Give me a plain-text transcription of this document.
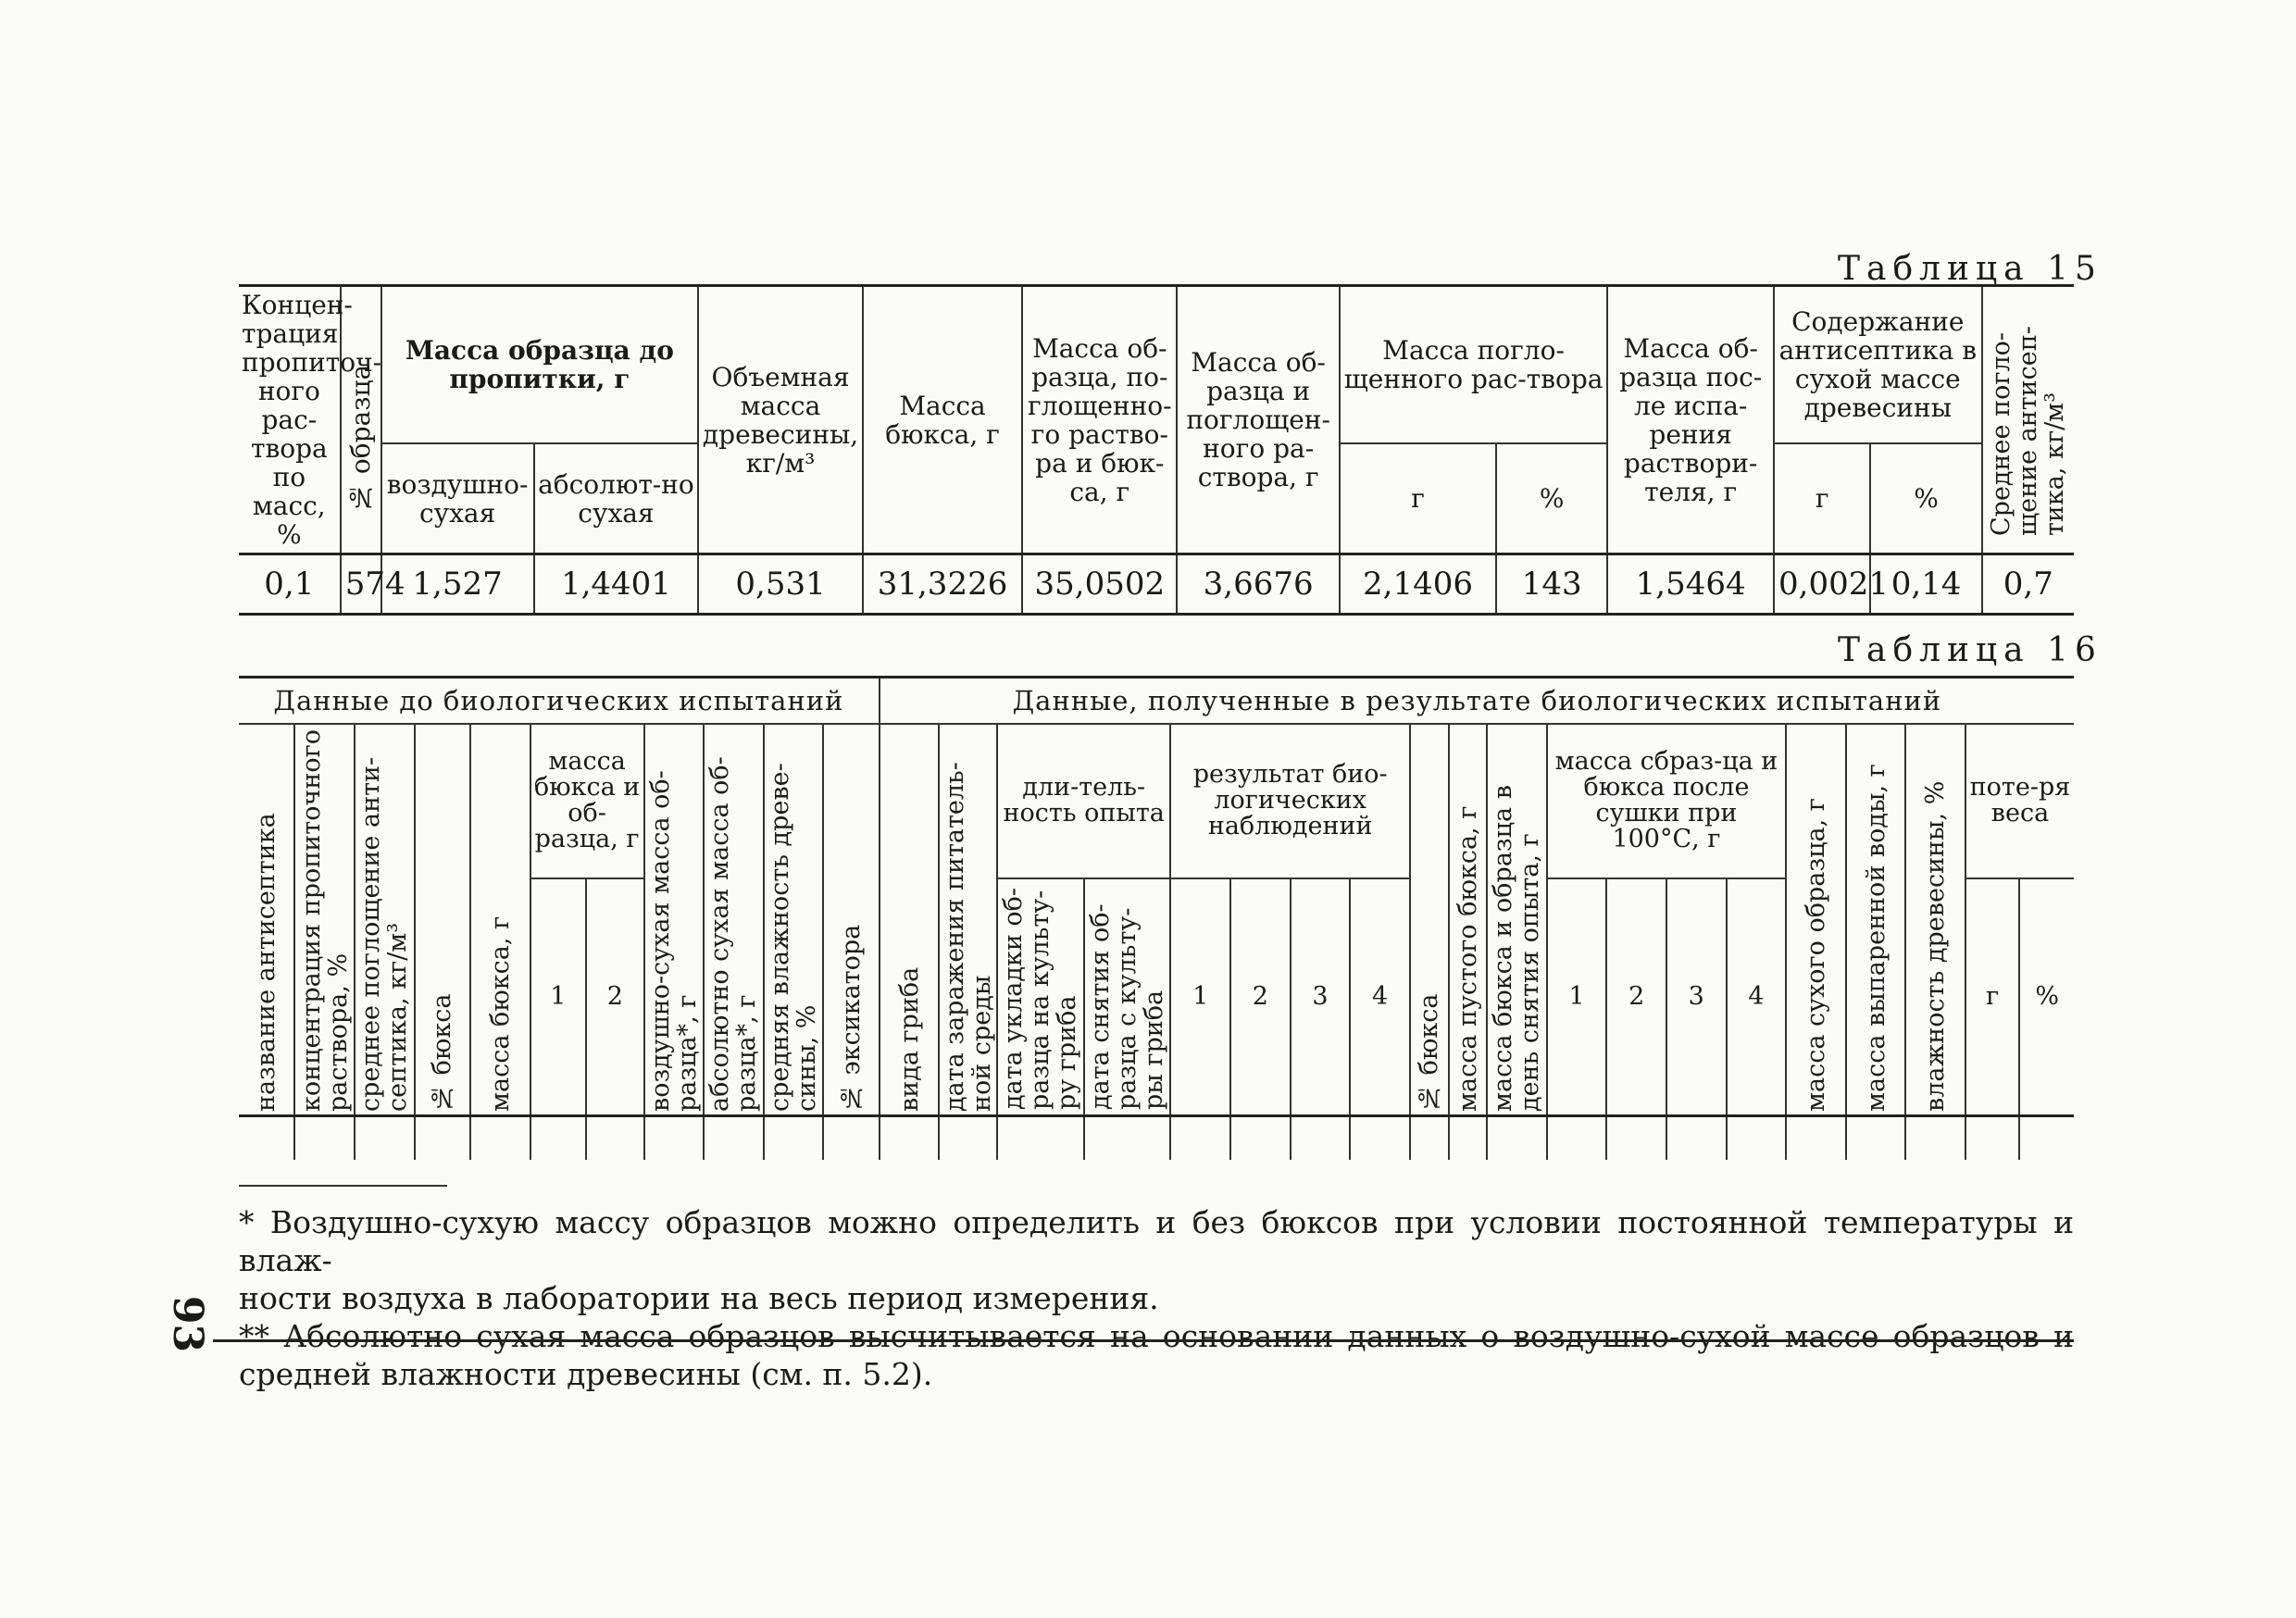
Таблица 15
Концен-трация пропиточ-ного рас-твора по масс, %	№ образца	Масса образца до пропитки, г		Объемная масса древесины, кг/м³	Масса бюкса, г	Масса об-разца, по-глощенно-го раство-ра и бюк-са, г	Масса об-разца и поглощен-ного ра-створа, г	Масса погло-щенного рас-твора		Масса об-разца пос-ле испа-рения раствори-теля, г	Содержание антисептика в сухой массе древесины		Среднее погло-щение антисеп-тика, кг/м³

		воздушно-сухая	абсолют-но сухая					г	%		г	%	
0,1	574	1,527	1,4401	0,531	31,3226	35,0502	3,6676	2,1406	143	1,5464	0,0021	0,14	0,7
Таблица 16
Данные до биологических испытаний											Данные, полученные в результате биологических испытаний																			

название антисептика	концентрация пропиточного раствора, %	среднее поглощение анти-септика, кг/м³	№ бюкса	масса бюкса, г	масса бюкса и об-разца, г		воздушно-сухая масса об-разца*, г	абсолютно сухая масса об-разца*, г	средняя влажность древе-сины, %	№ эксикатора	вида гриба	дата заражения питатель-ной среды	дли-тель-ность опыта		результат био-логических наблюдений				№ бюкса	масса пустого бюкса, г	масса бюкса и образца в день снятия опыта, г	масса сбраз-ца и бюкса после сушки при 100°С, г				масса сухого образца, г	масса выпаренной воды, г	влажность древесины, %	поте-ря веса	
					1	2							дата укладки об-разца на культу-ру гриба	дата снятия об-разца с культу-ры гриба	1	2	3	4				1	2	3	4				г	%

* Воздушно-сухую массу образцов можно определить и без бюксов при условии постоянной температуры и влаж-

ности воздуха в лаборатории на весь период измерения.

** Абсолютно сухая масса образцов высчитывается на основании данных о воздушно-сухой массе образцов и

средней влажности древесины (см. п. 5.2).

93
